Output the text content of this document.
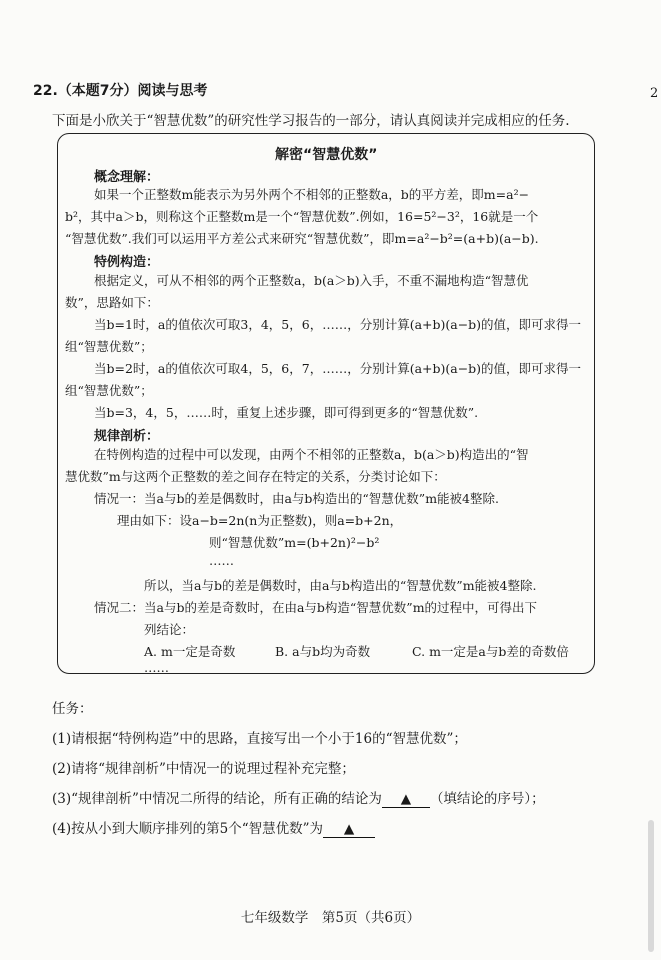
22.（本题7分）阅读与思考	2
下面是小欣关于“智慧优数”的研究性学习报告的一部分，请认真阅读并完成相应的任务.
解密“智慧优数”
概念理解：
如果一个正整数m能表示为另外两个不相邻的正整数a，b的平方差，即m=a²−
b²，其中a＞b，则称这个正整数m是一个“智慧优数”.例如，16=5²−3²，16就是一个
“智慧优数”.我们可以运用平方差公式来研究“智慧优数”，即m=a²−b²=(a+b)(a−b).
特例构造：
根据定义，可从不相邻的两个正整数a，b(a＞b)入手，不重不漏地构造“智慧优
数”，思路如下：
当b=1时，a的值依次可取3，4，5，6，……，分别计算(a+b)(a−b)的值，即可求得一
组“智慧优数”；
当b=2时，a的值依次可取4，5，6，7，……，分别计算(a+b)(a−b)的值，即可求得一
组“智慧优数”；
当b=3，4，5，……时，重复上述步骤，即可得到更多的“智慧优数”.
规律剖析：
在特例构造的过程中可以发现，由两个不相邻的正整数a，b(a＞b)构造出的“智
慧优数”m与这两个正整数的差之间存在特定的关系，分类讨论如下：
情况一：当a与b的差是偶数时，由a与b构造出的“智慧优数”m能被4整除.
理由如下：设a−b=2n(n为正整数)，则a=b+2n，
则“智慧优数”m=(b+2n)²−b²
……
所以，当a与b的差是偶数时，由a与b构造出的“智慧优数”m能被4整除.
情况二：当a与b的差是奇数时，在由a与b构造“智慧优数”m的过程中，可得出下
列结论：
A. m一定是奇数	B. a与b均为奇数	C. m一定是a与b差的奇数倍
……
任务：
(1)请根据“特例构造”中的思路，直接写出一个小于16的“智慧优数”；
(2)请将“规律剖析”中情况一的说理过程补充完整；
(3)“规律剖析”中情况二所得的结论，所有正确的结论为 ▲ （填结论的序号）；
(4)按从小到大顺序排列的第5个“智慧优数”为 ▲
七年级数学　第5页（共6页）
